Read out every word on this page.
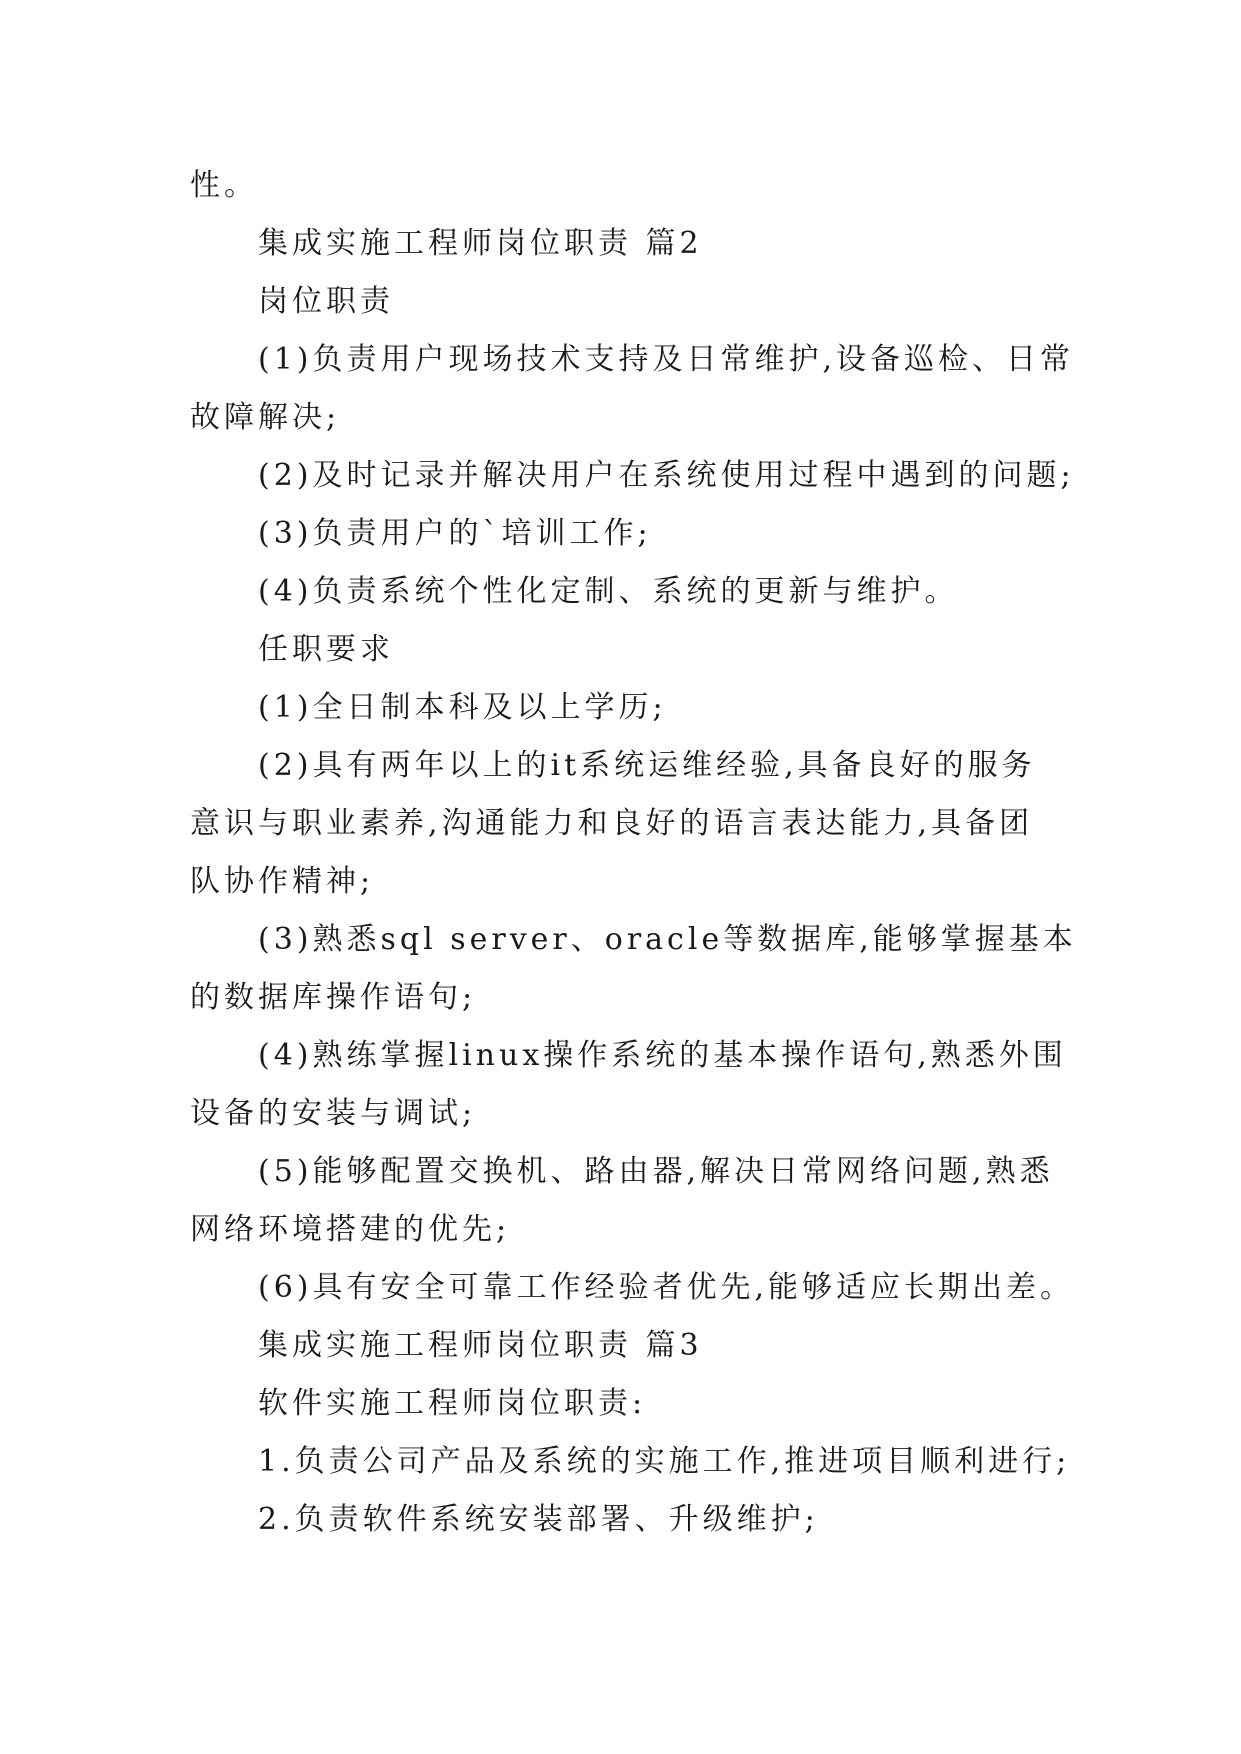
性。
集成实施工程师岗位职责 篇2
岗位职责
(1)负责用户现场技术支持及日常维护,设备巡检、日常
故障解决;
(2)及时记录并解决用户在系统使用过程中遇到的问题;
(3)负责用户的`培训工作;
(4)负责系统个性化定制、系统的更新与维护。
任职要求
(1)全日制本科及以上学历;
(2)具有两年以上的it系统运维经验,具备良好的服务
意识与职业素养,沟通能力和良好的语言表达能力,具备团
队协作精神;
(3)熟悉sql server、oracle等数据库,能够掌握基本
的数据库操作语句;
(4)熟练掌握linux操作系统的基本操作语句,熟悉外围
设备的安装与调试;
(5)能够配置交换机、路由器,解决日常网络问题,熟悉
网络环境搭建的优先;
(6)具有安全可靠工作经验者优先,能够适应长期出差。
集成实施工程师岗位职责 篇3
软件实施工程师岗位职责:
1.负责公司产品及系统的实施工作,推进项目顺利进行;
2.负责软件系统安装部署、升级维护;
